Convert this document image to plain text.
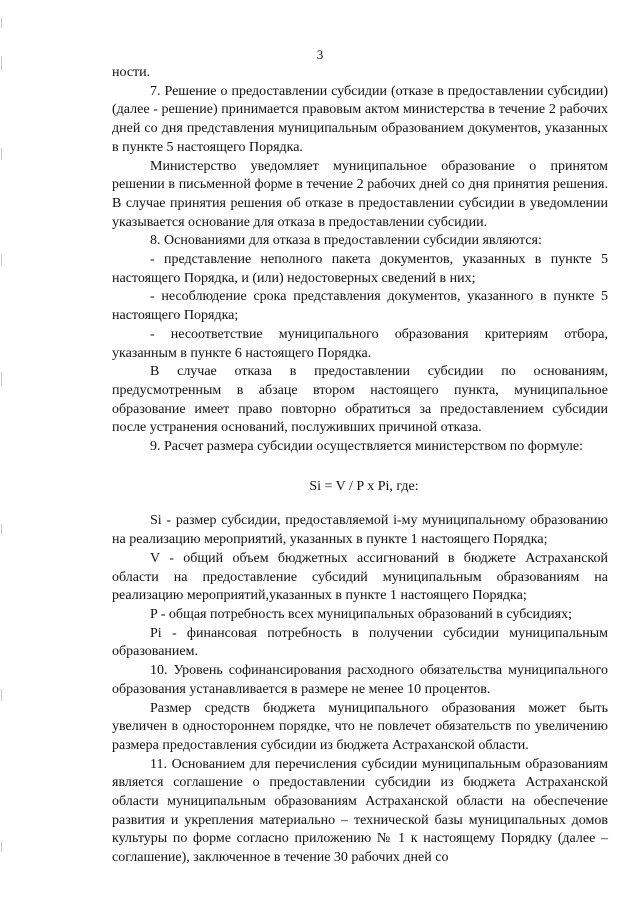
3

ности.

7. Решение о предоставлении субсидии (отказе в предоставлении субсидии) (далее - решение) принимается правовым актом министерства в течение 2 рабочих дней со дня представления муниципальным образованием документов, указанных в пункте 5 настоящего Порядка.

Министерство уведомляет муниципальное образование о принятом решении в письменной форме в течение 2 рабочих дней со дня принятия решения. В случае принятия решения об отказе в предоставлении субсидии в уведомлении указывается основание для отказа в предоставлении субсидии.

8. Основаниями для отказа в предоставлении субсидии являются:

- представление неполного пакета документов, указанных в пункте 5 настоящего Порядка, и (или) недостоверных сведений в них;

- несоблюдение срока представления документов, указанного в пункте 5 настоящего Порядка;

- несоответствие муниципального образования критериям отбора, указанным в пункте 6 настоящего Порядка.

В случае отказа в предоставлении субсидии по основаниям, предусмотренным в абзаце втором настоящего пункта, муниципальное образование имеет право повторно обратиться за предоставлением субсидии после устранения оснований, послуживших причиной отказа.

9. Расчет размера субсидии осуществляется министерством по формуле:

Si = V / P x Pi, где:

Si - размер субсидии, предоставляемой i-му муниципальному образованию на реализацию мероприятий, указанных в пункте 1 настоящего Порядка;

V - общий объем бюджетных ассигнований в бюджете Астраханской области на предоставление субсидий муниципальным образованиям на реализацию мероприятий,указанных в пункте 1 настоящего Порядка;

P - общая потребность всех муниципальных образований в субсидиях;

Pi - финансовая потребность в получении субсидии муниципальным образованием.

10. Уровень софинансирования расходного обязательства муниципального образования устанавливается в размере не менее 10 процентов.

Размер средств бюджета муниципального образования может быть увеличен в одностороннем порядке, что не повлечет обязательств по увеличению размера предоставления субсидии из бюджета Астраханской области.

11. Основанием для перечисления субсидии муниципальным образованиям является соглашение о предоставлении субсидии из бюджета Астраханской области муниципальным образованиям Астраханской области на обеспечение развития и укрепления материально – технической базы муниципальных домов культуры по форме согласно приложению № 1 к настоящему Порядку (далее – соглашение), заключенное в течение 30 рабочих дней со
